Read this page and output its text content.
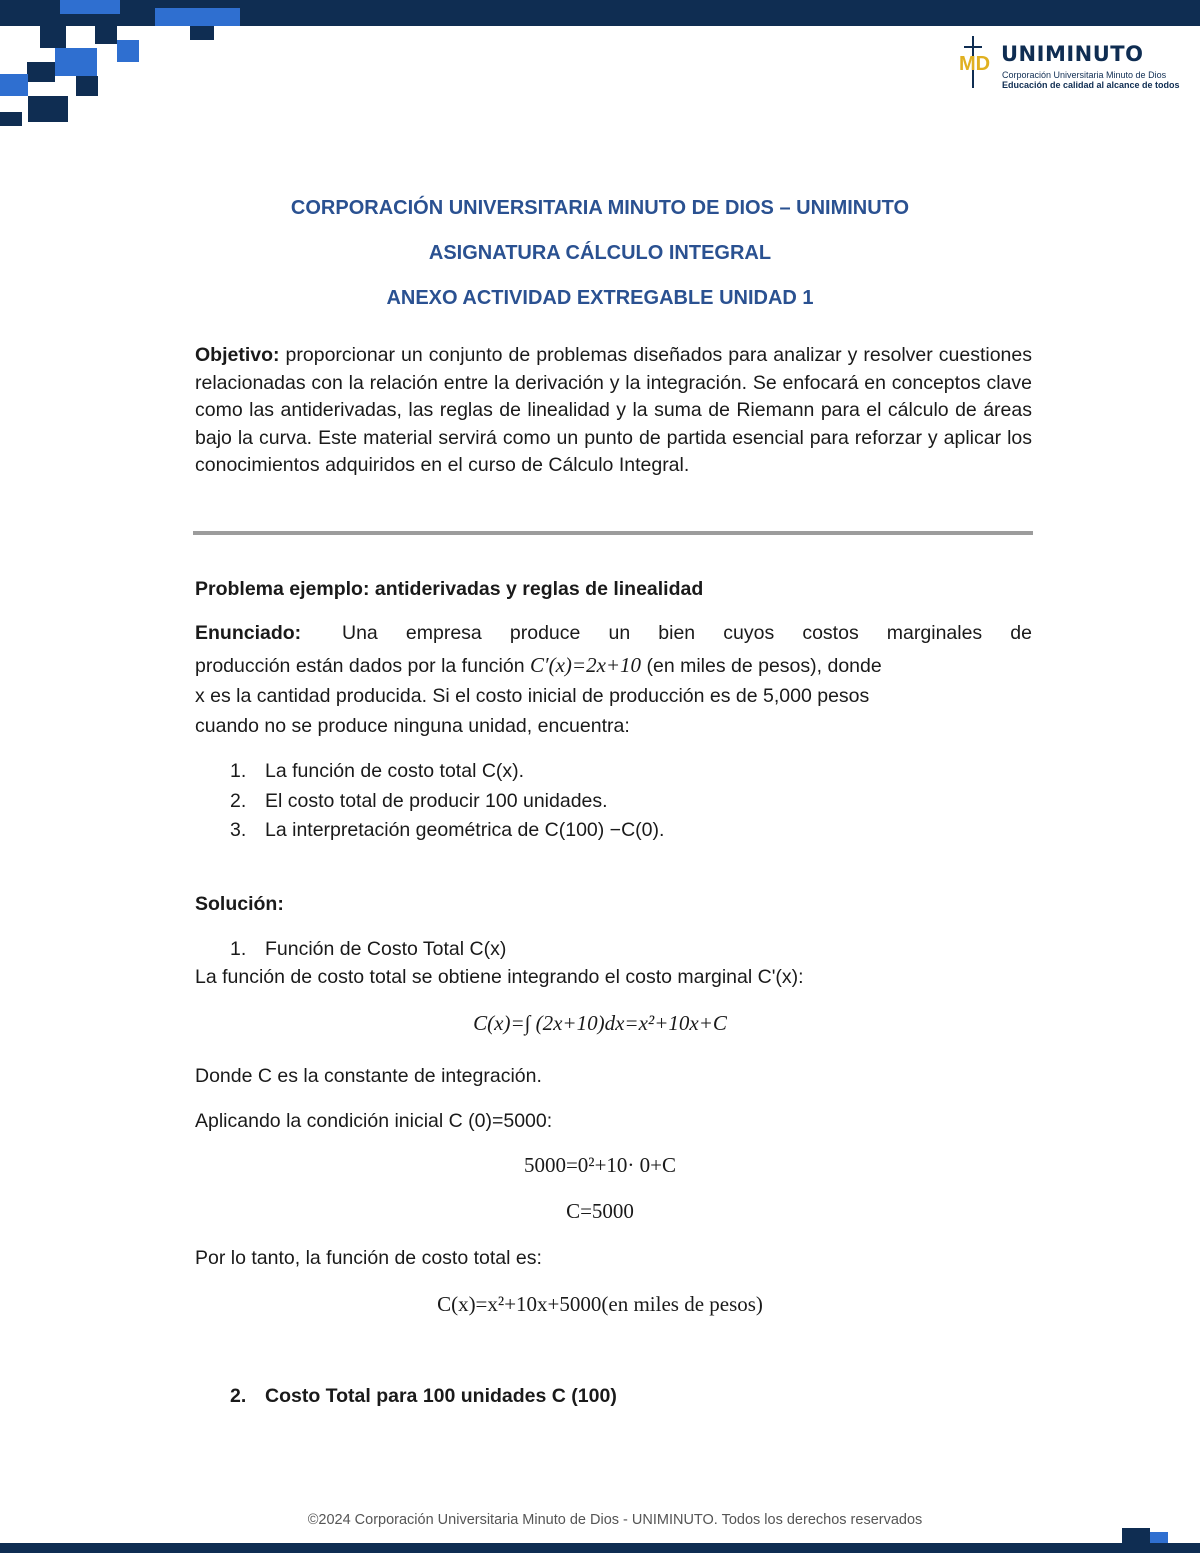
MD UNIMINUTO
Corporación Universitaria Minuto de Dios
Educación de calidad al alcance de todos
CORPORACIÓN UNIVERSITARIA MINUTO DE DIOS – UNIMINUTO
ASIGNATURA CÁLCULO INTEGRAL
ANEXO ACTIVIDAD EXTREGABLE UNIDAD 1
Objetivo: proporcionar un conjunto de problemas diseñados para analizar y resolver cuestiones relacionadas con la relación entre la derivación y la integración. Se enfocará en conceptos clave como las antiderivadas, las reglas de linealidad y la suma de Riemann para el cálculo de áreas bajo la curva. Este material servirá como un punto de partida esencial para reforzar y aplicar los conocimientos adquiridos en el curso de Cálculo Integral.
Problema ejemplo: antiderivadas y reglas de linealidad
Enunciado: Una empresa produce un bien cuyos costos marginales de
producción están dados por la función C′(x)=2x+10 (en miles de pesos), donde
x es la cantidad producida. Si el costo inicial de producción es de 5,000 pesos
cuando no se produce ninguna unidad, encuentra:
1. La función de costo total C(x).
2. El costo total de producir 100 unidades.
3. La interpretación geométrica de C(100) −C(0).
Solución:
1. Función de Costo Total C(x)
La función de costo total se obtiene integrando el costo marginal C'(x):
C(x)=∫ (2x+10)dx=x²+10x+C
Donde C es la constante de integración.
Aplicando la condición inicial C (0)=5000:
5000=0²+10· 0+C
C=5000
Por lo tanto, la función de costo total es:
C(x)=x²+10x+5000(en miles de pesos)
2. Costo Total para 100 unidades C (100)
©2024 Corporación Universitaria Minuto de Dios - UNIMINUTO. Todos los derechos reservados
